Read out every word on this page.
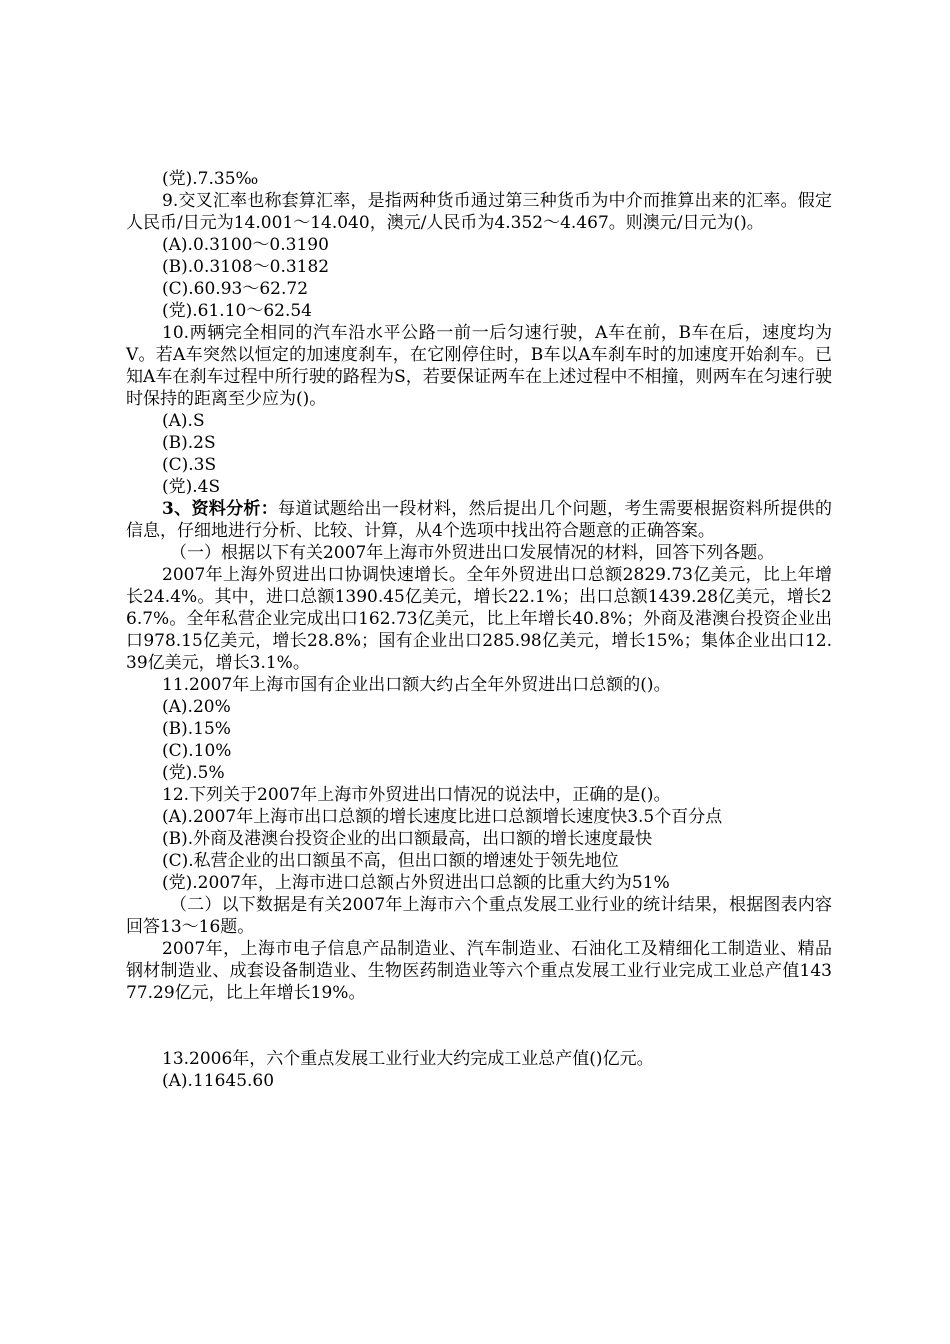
(党).7.35‰

9.交叉汇率也称套算汇率，是指两种货币通过第三种货币为中介而推算出来的汇率。假定人民币/日元为14.001～14.040，澳元/人民币为4.352～4.467。则澳元/日元为()。

(A).0.3100～0.3190

(B).0.3108～0.3182

(C).60.93～62.72

(党).61.10～62.54

10.两辆完全相同的汽车沿水平公路一前一后匀速行驶，A车在前，B车在后，速度均为V。若A车突然以恒定的加速度刹车，在它刚停住时，B车以A车刹车时的加速度开始刹车。已知A车在刹车过程中所行驶的路程为S，若要保证两车在上述过程中不相撞，则两车在匀速行驶时保持的距离至少应为()。

(A).S

(B).2S

(C).3S

(党).4S

3、资料分析：每道试题给出一段材料，然后提出几个问题，考生需要根据资料所提供的信息，仔细地进行分析、比较、计算，从4个选项中找出符合题意的正确答案。

（一）根据以下有关2007年上海市外贸进出口发展情况的材料，回答下列各题。

2007年上海外贸进出口协调快速增长。全年外贸进出口总额2829.73亿美元，比上年增长24.4%。其中，进口总额1390.45亿美元，增长22.1%；出口总额1439.28亿美元，增长26.7%。全年私营企业完成出口162.73亿美元，比上年增长40.8%；外商及港澳台投资企业出口978.15亿美元，增长28.8%；国有企业出口285.98亿美元，增长15%；集体企业出口12.39亿美元，增长3.1%。

11.2007年上海市国有企业出口额大约占全年外贸进出口总额的()。

(A).20%

(B).15%

(C).10%

(党).5%

12.下列关于2007年上海市外贸进出口情况的说法中，正确的是()。

(A).2007年上海市出口总额的增长速度比进口总额增长速度快3.5个百分点

(B).外商及港澳台投资企业的出口额最高，出口额的增长速度最快

(C).私营企业的出口额虽不高，但出口额的增速处于领先地位

(党).2007年，上海市进口总额占外贸进出口总额的比重大约为51%

（二）以下数据是有关2007年上海市六个重点发展工业行业的统计结果，根据图表内容回答13～16题。

2007年，上海市电子信息产品制造业、汽车制造业、石油化工及精细化工制造业、精品钢材制造业、成套设备制造业、生物医药制造业等六个重点发展工业行业完成工业总产值14377.29亿元，比上年增长19%。

13.2006年，六个重点发展工业行业大约完成工业总产值()亿元。

(A).11645.60
